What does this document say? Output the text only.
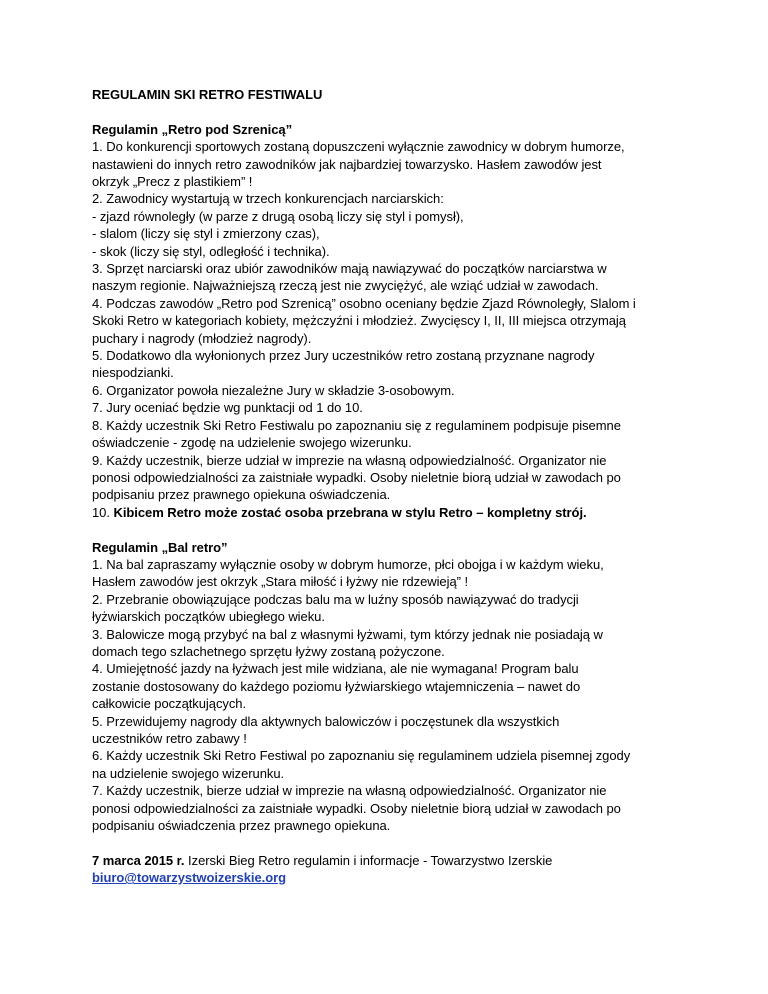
REGULAMIN SKI RETRO FESTIWALU
Regulamin „Retro pod Szrenicą”
1. Do konkurencji sportowych zostaną dopuszczeni wyłącznie zawodnicy w dobrym humorze,
nastawieni do innych retro zawodników jak najbardziej towarzysko. Hasłem zawodów jest
okrzyk „Precz z plastikiem” !
2. Zawodnicy wystartują w trzech konkurencjach narciarskich:
- zjazd równoległy (w parze z drugą osobą liczy się styl i pomysł),
- slalom (liczy się styl i zmierzony czas),
- skok (liczy się styl, odległość i technika).
3. Sprzęt narciarski oraz ubiór zawodników mają nawiązywać do początków narciarstwa w
naszym regionie. Najważniejszą rzeczą jest nie zwyciężyć, ale wziąć udział w zawodach.
4. Podczas zawodów „Retro pod Szrenicą” osobno oceniany będzie Zjazd Równoległy, Slalom i
Skoki Retro w kategoriach kobiety, mężczyźni i młodzież. Zwycięscy I, II, III miejsca otrzymają
puchary i nagrody (młodzież nagrody).
5. Dodatkowo dla wyłonionych przez Jury uczestników retro zostaną przyznane nagrody
niespodzianki.
6. Organizator powoła niezależne Jury w składzie 3-osobowym.
7. Jury oceniać będzie wg punktacji od 1 do 10.
8. Każdy uczestnik Ski Retro Festiwalu po zapoznaniu się z regulaminem podpisuje pisemne
oświadczenie - zgodę na udzielenie swojego wizerunku.
9. Każdy uczestnik, bierze udział w imprezie na własną odpowiedzialność. Organizator nie
ponosi odpowiedzialności za zaistniałe wypadki. Osoby nieletnie biorą udział w zawodach po
podpisaniu przez prawnego opiekuna oświadczenia.
10. Kibicem Retro może zostać osoba przebrana w stylu Retro – kompletny strój.
Regulamin „Bal retro”
1. Na bal zapraszamy wyłącznie osoby w dobrym humorze, płci obojga i w każdym wieku,
Hasłem zawodów jest okrzyk „Stara miłość i łyżwy nie rdzewieją” !
2. Przebranie obowiązujące podczas balu ma w luźny sposób nawiązywać do tradycji
łyżwiarskich początków ubiegłego wieku.
3. Balowicze mogą przybyć na bal z własnymi łyżwami, tym którzy jednak nie posiadają w
domach tego szlachetnego sprzętu łyżwy zostaną pożyczone.
4. Umiejętność jazdy na łyżwach jest mile widziana, ale nie wymagana! Program balu
zostanie dostosowany do każdego poziomu łyżwiarskiego wtajemniczenia – nawet do
całkowicie początkujących.
5. Przewidujemy nagrody dla aktywnych balowiczów i poczęstunek dla wszystkich
uczestników retro zabawy !
6. Każdy uczestnik Ski Retro Festiwal po zapoznaniu się regulaminem udziela pisemnej zgody
na udzielenie swojego wizerunku.
7. Każdy uczestnik, bierze udział w imprezie na własną odpowiedzialność. Organizator nie
ponosi odpowiedzialności za zaistniałe wypadki. Osoby nieletnie biorą udział w zawodach po
podpisaniu oświadczenia przez prawnego opiekuna.
7 marca 2015 r. Izerski Bieg Retro regulamin i informacje - Towarzystwo Izerskie
biuro@towarzystwoizerskie.org
